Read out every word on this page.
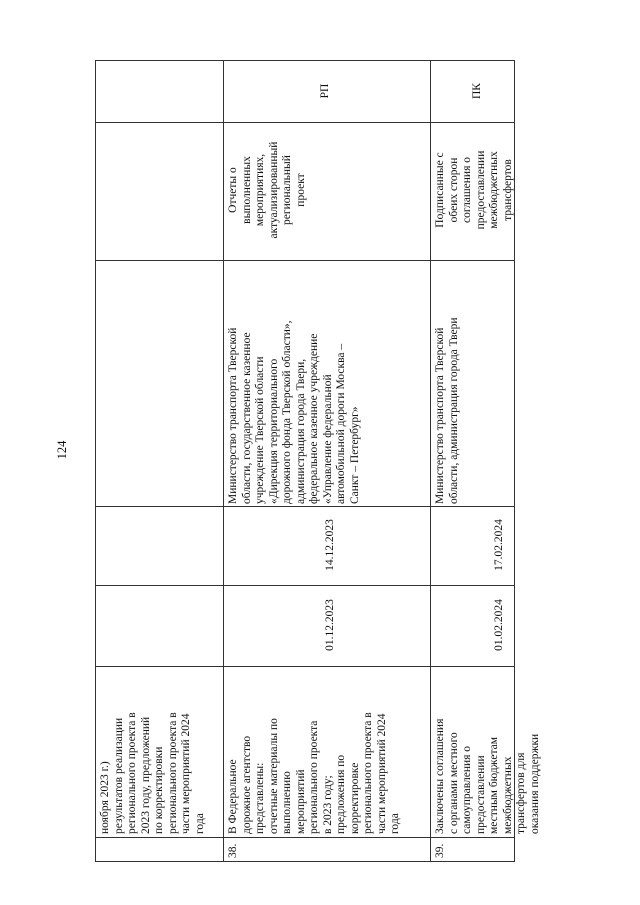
124
ноября 2023 г.)
результатов реализации
регионального проекта в
2023 году, предложений
по корректировки
регионального проекта в
части мероприятий 2024
года
38.
В Федеральное
дорожное агентство
представлены:
отчетные материалы по
выполнению
мероприятий
регионального проекта
в 2023 году;
предложения по
корректировке
регионального проекта в
части мероприятий 2024
года
01.12.2023
14.12.2023
Министерство транспорта Тверской
области, государственное казенное
учреждение Тверской области
«Дирекция территориального
дорожного фонда Тверской области»,
администрация города Твери,
федеральное казенное учреждение
«Управление федеральной
автомобильной дороги Москва –
Санкт – Петербург»
Отчеты о
выполненных
мероприятиях,
актуализированный
региональный
проект
РП
39.
Заключены соглашения
с органами местного
самоуправления о
предоставлении
местным бюджетам
межбюджетных
трансфертов для
оказания поддержки
01.02.2024
17.02.2024
Министерство транспорта Тверской
области, администрация города Твери
Подписанные с
обеих сторон
соглашения о
предоставлении
межбюджетных
трансфертов
ПК
